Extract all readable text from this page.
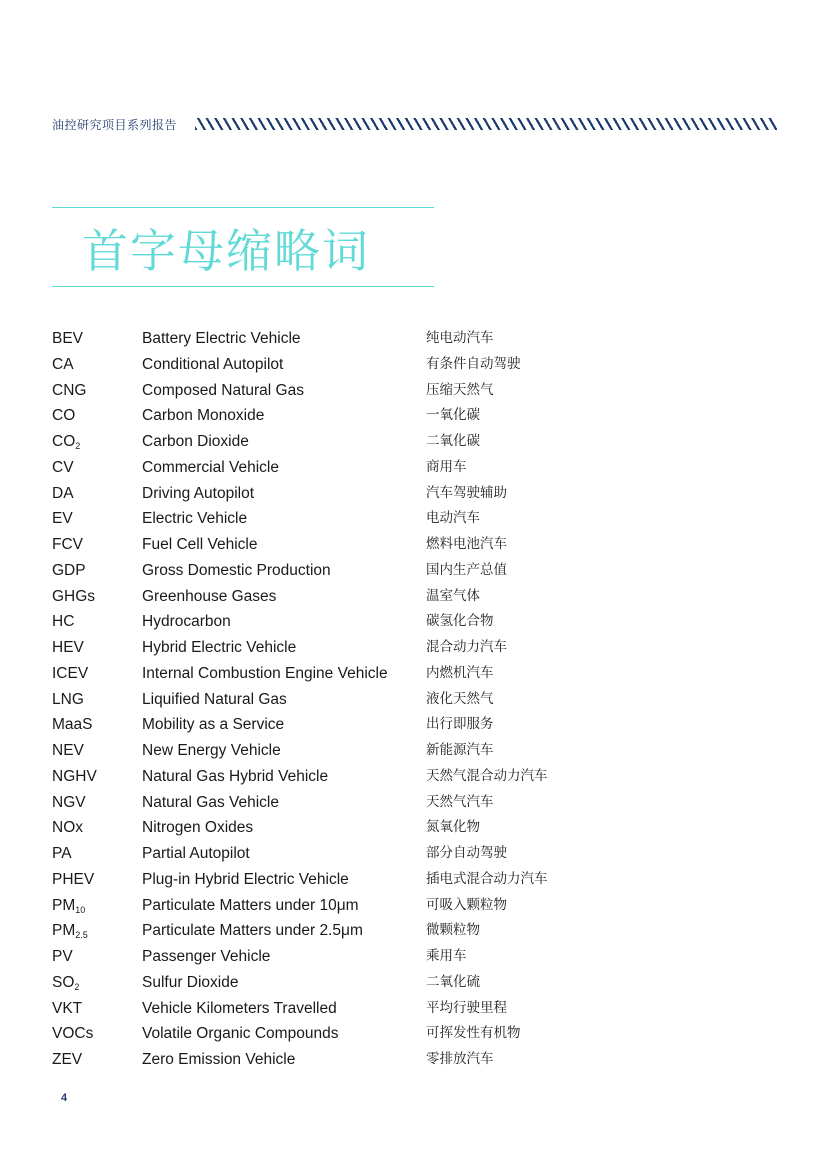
油控研究项目系列报告
首字母缩略词
BEV	Battery Electric Vehicle	纯电动汽车
CA	Conditional Autopilot	有条件自动驾驶
CNG	Composed Natural Gas	压缩天然气
CO	Carbon Monoxide	一氧化碳
$CO_2$	Carbon Dioxide	二氧化碳
CV	Commercial Vehicle	商用车
DA	Driving Autopilot	汽车驾驶辅助
EV	Electric Vehicle	电动汽车
FCV	Fuel Cell Vehicle	燃料电池汽车
GDP	Gross Domestic Production	国内生产总值
GHGs	Greenhouse Gases	温室气体
HC	Hydrocarbon	碳氢化合物
HEV	Hybrid Electric Vehicle	混合动力汽车
ICEV	Internal Combustion Engine Vehicle	内燃机汽车
LNG	Liquified Natural Gas	液化天然气
MaaS	Mobility as a Service	出行即服务
NEV	New Energy Vehicle	新能源汽车
NGHV	Natural Gas Hybrid Vehicle	天然气混合动力汽车
NGV	Natural Gas Vehicle	天然气汽车
NOx	Nitrogen Oxides	氮氧化物
PA	Partial Autopilot	部分自动驾驶
PHEV	Plug-in Hybrid Electric Vehicle	插电式混合动力汽车
$PM_{10}$	Particulate Matters under 10μm	可吸入颗粒物
$PM_{2.5}$	Particulate Matters under 2.5μm	微颗粒物
PV	Passenger Vehicle	乘用车
$SO_2$	Sulfur Dioxide	二氧化硫
VKT	Vehicle Kilometers Travelled	平均行驶里程
VOCs	Volatile Organic Compounds	可挥发性有机物
ZEV	Zero Emission Vehicle	零排放汽车
4
